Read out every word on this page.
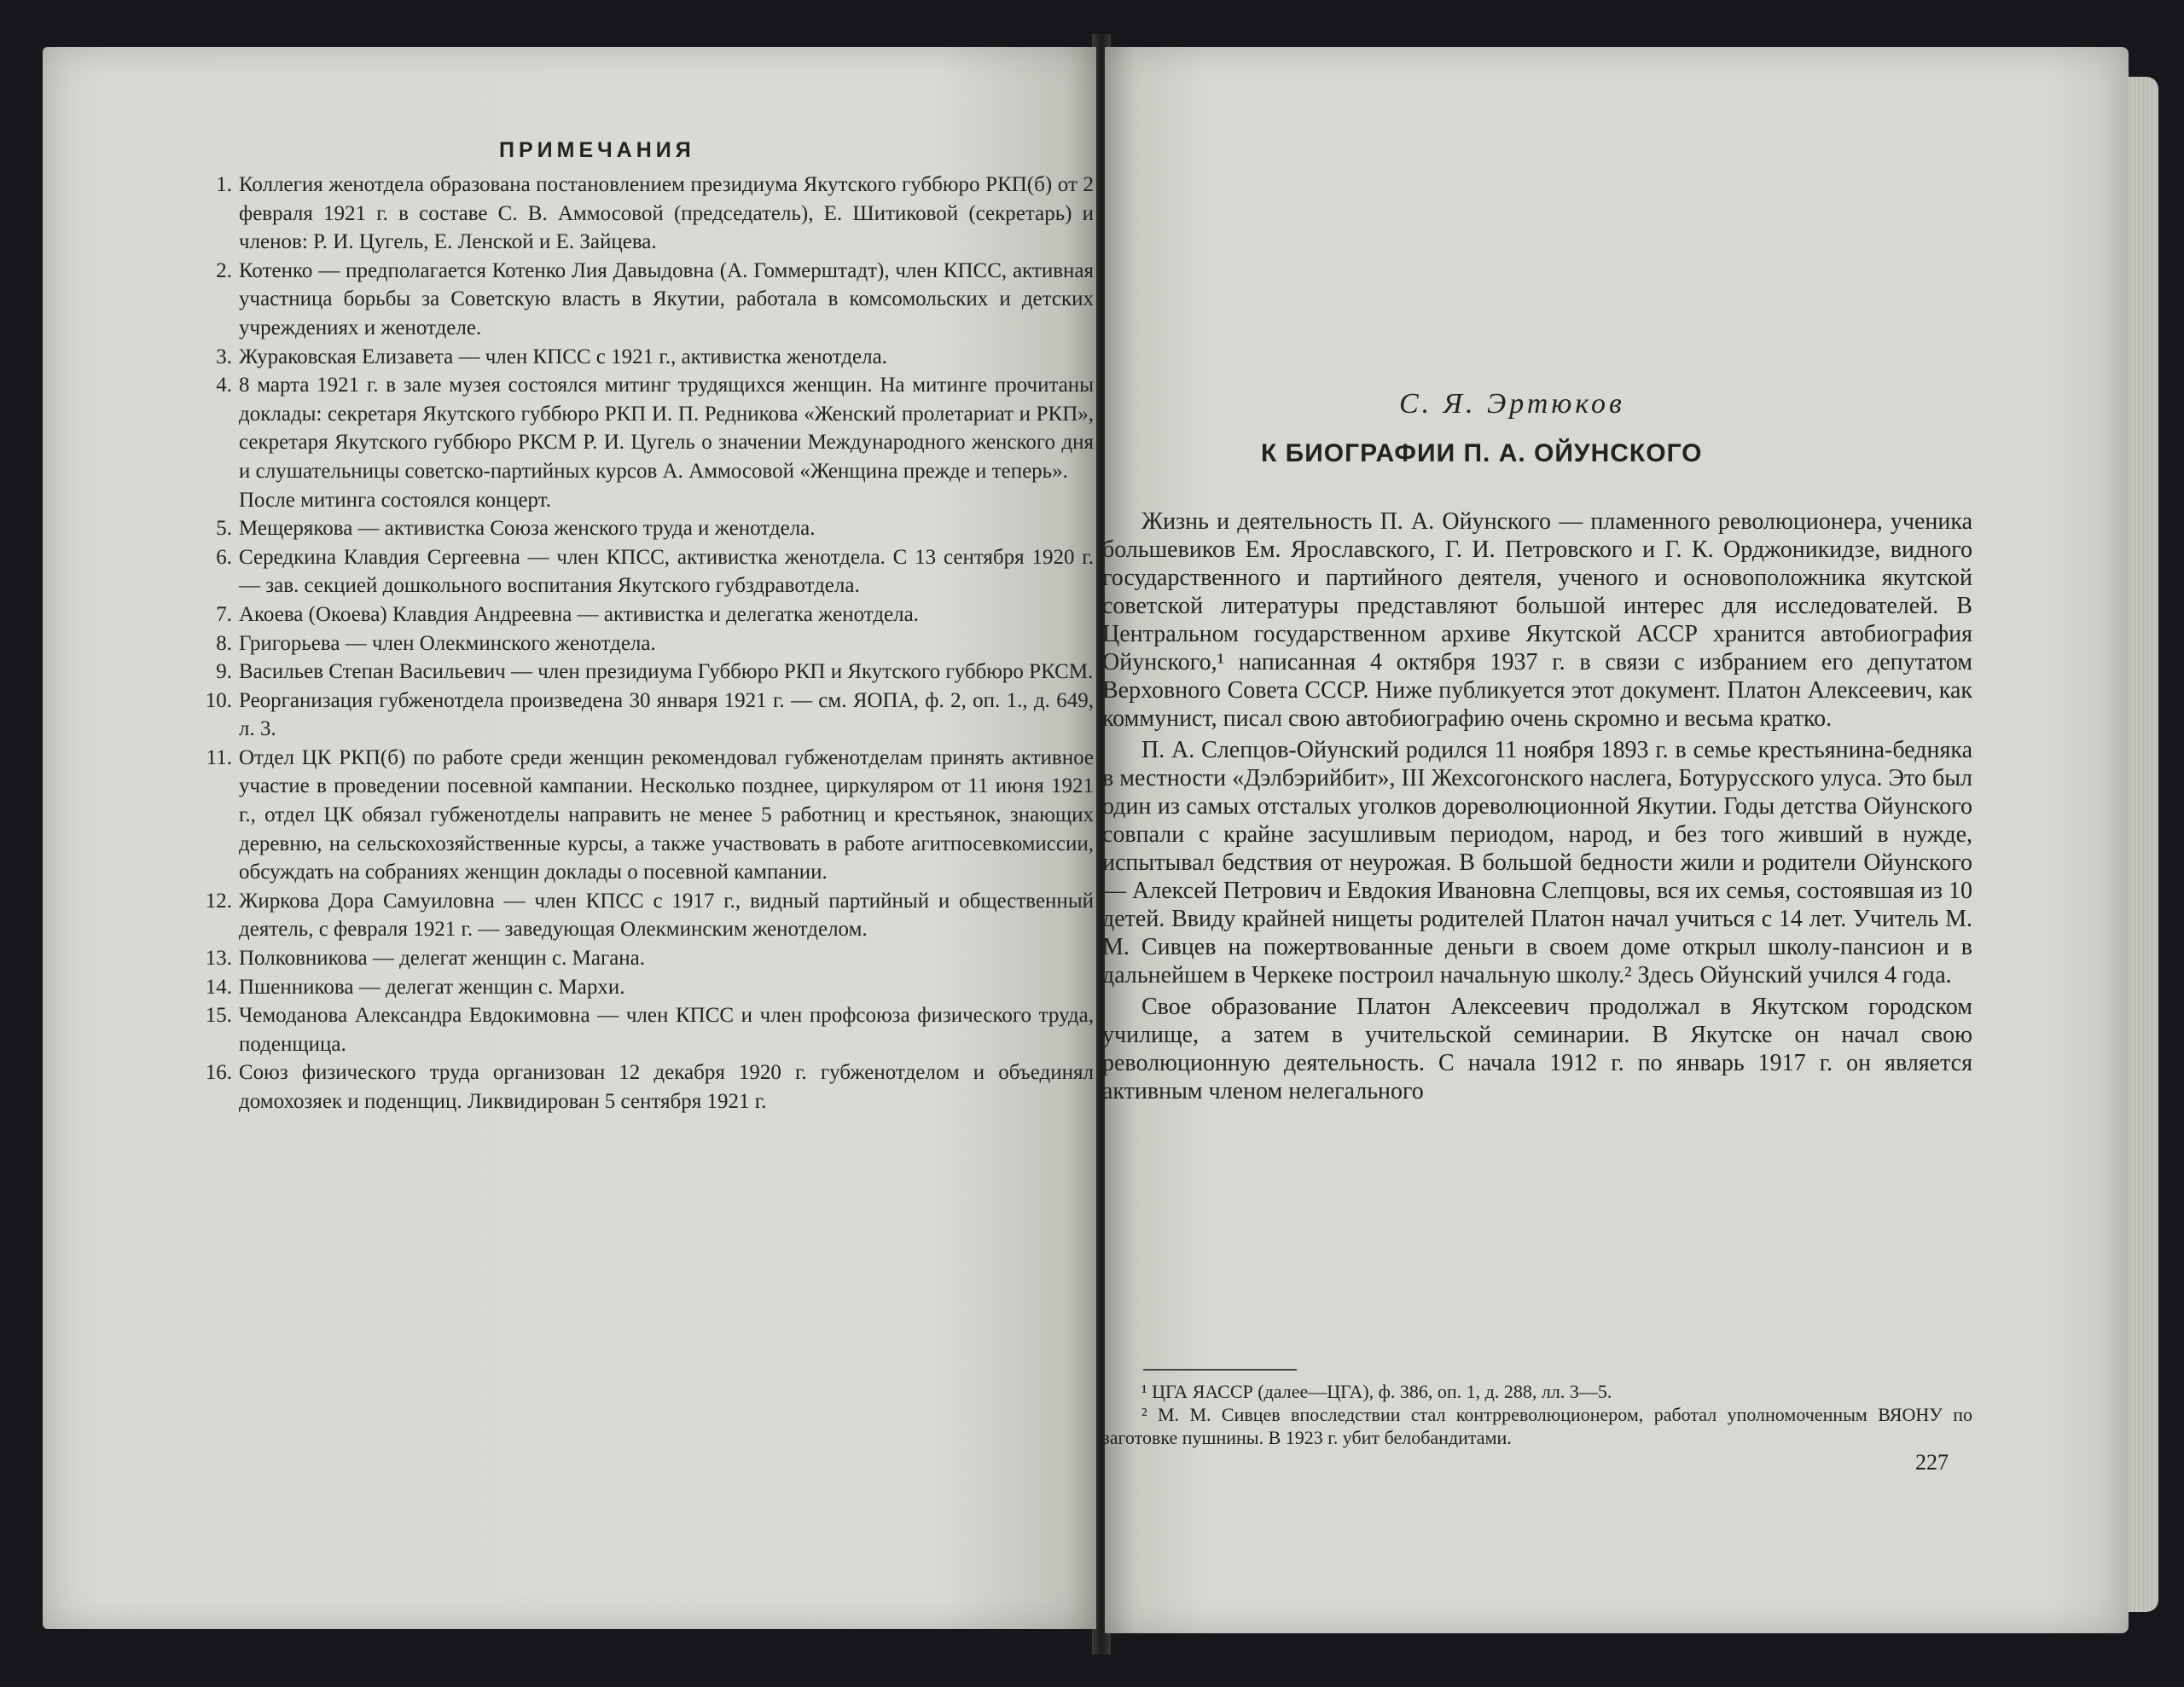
ПРИМЕЧАНИЯ
1. Коллегия женотдела образована постановлением президиума Якутского губбюро РКП(б) от 2 февраля 1921 г. в составе С. В. Аммосовой (председатель), Е. Шитиковой (секретарь) и членов: Р. И. Цугель, Е. Ленской и Е. Зайцева.
2. Котенко — предполагается Котенко Лия Давыдовна (А. Гоммерштадт), член КПСС, активная участница борьбы за Советскую власть в Якутии, работала в комсомольских и детских учреждениях и женотделе.
3. Жураковская Елизавета — член КПСС с 1921 г., активистка женотдела.
4. 8 марта 1921 г. в зале музея состоялся митинг трудящихся женщин. На митинге прочитаны доклады: секретаря Якутского губбюро РКП И. П. Редникова «Женский пролетариат и РКП», секретаря Якутского губбюро РКСМ Р. И. Цугель о значении Международного женского дня и слушательницы советско-партийных курсов А. Аммосовой «Женщина прежде и теперь».
После митинга состоялся концерт.
5. Мещерякова — активистка Союза женского труда и женотдела.
6. Середкина Клавдия Сергеевна — член КПСС, активистка женотдела. С 13 сентября 1920 г. — зав. секцией дошкольного воспитания Якутского губздравотдела.
7. Акоева (Окоева) Клавдия Андреевна — активистка и делегатка женотдела.
8. Григорьева — член Олекминского женотдела.
9. Васильев Степан Васильевич — член президиума Губбюро РКП и Якутского губбюро РКСМ.
10. Реорганизация губженотдела произведена 30 января 1921 г. — см. ЯОПА, ф. 2, оп. 1., д. 649, л. 3.
11. Отдел ЦК РКП(б) по работе среди женщин рекомендовал губженотделам принять активное участие в проведении посевной кампании. Несколько позднее, циркуляром от 11 июня 1921 г., отдел ЦК обязал губженотделы направить не менее 5 работниц и крестьянок, знающих деревню, на сельскохозяйственные курсы, а также участвовать в работе агитпосевкомиссии, обсуждать на собраниях женщин доклады о посевной кампании.
12. Жиркова Дора Самуиловна — член КПСС с 1917 г., видный партийный и общественный деятель, с февраля 1921 г. — заведующая Олекминским женотделом.
13. Полковникова — делегат женщин с. Магана.
14. Пшенникова — делегат женщин с. Мархи.
15. Чемоданова Александра Евдокимовна — член КПСС и член профсоюза физического труда, поденщица.
16. Союз физического труда организован 12 декабря 1920 г. губженотделом и объединял домохозяек и поденщиц. Ликвидирован 5 сентября 1921 г.
С. Я. Эртюков
К БИОГРАФИИ П. А. ОЙУНСКОГО

Жизнь и деятельность П. А. Ойунского — пламенного революционера, ученика большевиков Ем. Ярославского, Г. И. Петровского и Г. К. Орджоникидзе, видного государственного и партийного деятеля, ученого и основоположника якутской советской литературы представляют большой интерес для исследователей. В Центральном государственном архиве Якутской АССР хранится автобиография Ойунского,¹ написанная 4 октября 1937 г. в связи с избранием его депутатом Верховного Совета СССР. Ниже публикуется этот документ. Платон Алексеевич, как коммунист, писал свою автобиографию очень скромно и весьма кратко.

П. А. Слепцов-Ойунский родился 11 ноября 1893 г. в семье крестьянина-бедняка в местности «Дэлбэрийбит», III Жехсогонского наслега, Ботурусского улуса. Это был один из самых отсталых уголков дореволюционной Якутии. Годы детства Ойунского совпали с крайне засушливым периодом, народ, и без того живший в нужде, испытывал бедствия от неурожая. В большой бедности жили и родители Ойунского — Алексей Петрович и Евдокия Ивановна Слепцовы, вся их семья, состоявшая из 10 детей. Ввиду крайней нищеты родителей Платон начал учиться с 14 лет. Учитель М. М. Сивцев на пожертвованные деньги в своем доме открыл школу-пансион и в дальнейшем в Черкеке построил начальную школу.² Здесь Ойунский учился 4 года.

Свое образование Платон Алексеевич продолжал в Якутском городском училище, а затем в учительской семинарии. В Якутске он начал свою революционную деятельность. С начала 1912 г. по январь 1917 г. он является активным членом нелегального

¹ ЦГА ЯАССР (далее—ЦГА), ф. 386, оп. 1, д. 288, лл. 3—5.
² М. М. Сивцев впоследствии стал контрреволюционером, работал уполномоченным ВЯОНУ по заготовке пушнины. В 1923 г. убит белобандитами.
227
